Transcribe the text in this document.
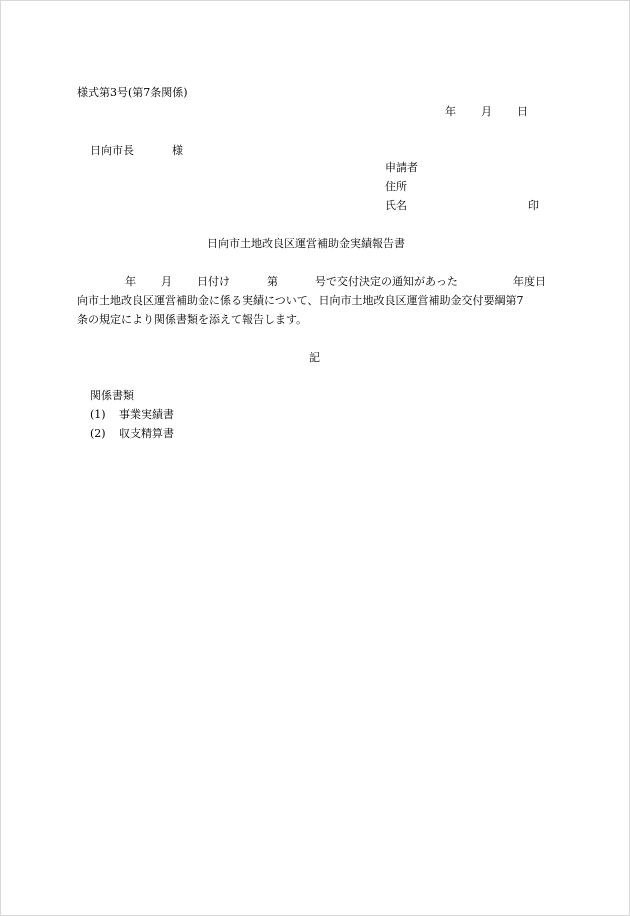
様式第3号(第7条関係)
年 月 日
日向市長	様
申請者
住所
氏名	印
日向市土地改良区運営補助金実績報告書
年 月 日付け	第	号で交付決定の通知があった	年度日
向市土地改良区運営補助金に係る実績について、日向市土地改良区運営補助金交付要綱第7
条の規定により関係書類を添えて報告します。
記
関係書類
(1) 事業実績書
(2) 収支精算書
